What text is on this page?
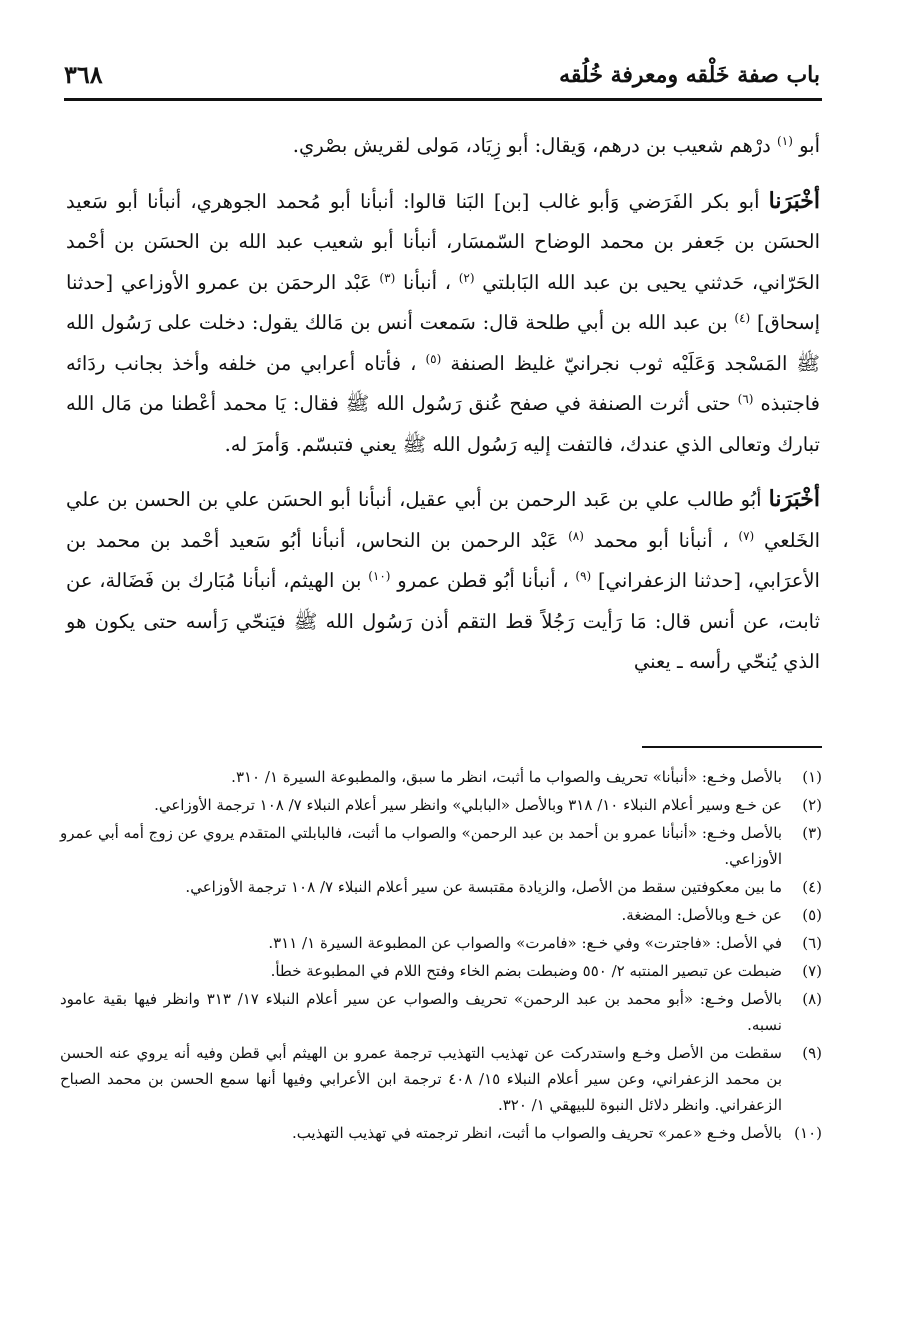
باب صفة خَلْقه ومعرفة خُلُقه
٣٦٨

أبو $^{(١)}$ درْهم شعيب بن درهم، وَيقال: أبو زِيَاد، مَولى لقريش بصْري.

أخْبَرَنا أبو بكر الفَرَضي وَأبو غالب [بن] البَنا قالوا: أنبأنا أبو مُحمد الجوهري، أنبأنا أبو سَعيد الحسَن بن جَعفر بن محمد الوضاح السّمسَار، أنبأنا أبو شعيب عبد الله بن الحسَن بن أحْمد الحَرّاني، حَدثني يحيى بن عبد الله البَابلتي $^{(٢)}$ ، أنبأنا $^{(٣)}$ عَبْد الرحمَن بن عمرو الأوزاعي [حدثنا إسحاق] $^{(٤)}$ بن عبد الله بن أبي طلحة قال: سَمعت أنس بن مَالك يقول: دخلت على رَسُول الله ﷺ المَسْجد وَعَلَيْه ثوب نجرانيّ غليظ الصنفة $^{(٥)}$ ، فأتاه أعرابي من خلفه وأخذ بجانب ردَائه فاجتبذه $^{(٦)}$ حتى أثرت الصنفة في صفح عُنق رَسُول الله ﷺ فقال: يَا محمد أعْطنا من مَال الله تبارك وتعالى الذي عندك، فالتفت إليه رَسُول الله ﷺ يعني فتبسّم. وَأمرَ له.

أخْبَرَنا أبُو طالب علي بن عَبد الرحمن بن أبي عقيل، أنبأنا أبو الحسَن علي بن الحسن بن علي الخَلعي $^{(٧)}$ ، أنبأنا أبو محمد $^{(٨)}$ عَبْد الرحمن بن النحاس، أنبأنا أبُو سَعيد أحْمد بن محمد بن الأعرَابي، [حدثنا الزعفراني] $^{(٩)}$ ، أنبأنا أبُو قطن عمرو $^{(١٠)}$ بن الهيثم، أنبأنا مُبَارك بن فَضَالة، عن ثابت، عن أنس قال: مَا رَأيت رَجُلاً قط التقم أذن رَسُول الله ﷺ فيَنحّي رَأسه حتى يكون هو الذي يُنحّي رأسه ـ يعني

(١)
بالأصل وخـع: «أنبأنا» تحريف والصواب ما أثبت، انظر ما سبق، والمطبوعة السيرة ١/ ٣١٠.
(٢)
عن خـع وسير أعلام النبلاء ١٠/ ٣١٨ وبالأصل «البابلي» وانظر سير أعلام النبلاء ٧/ ١٠٨ ترجمة الأوزاعي.
(٣)
بالأصل وخـع: «أنبأنا عمرو بن أحمد بن عبد الرحمن» والصواب ما أثبت، فالبابلتي المتقدم يروي عن زوج أمه أبي عمرو الأوزاعي.
(٤)
ما بين معكوفتين سقط من الأصل، والزيادة مقتبسة عن سير أعلام النبلاء ٧/ ١٠٨ ترجمة الأوزاعي.
(٥)
عن خـع وبالأصل: المضغة.
(٦)
في الأصل: «فاجترت» وفي خـع: «فامرت» والصواب عن المطبوعة السيرة ١/ ٣١١.
(٧)
ضبطت عن تبصير المنتبه ٢/ ٥٥٠ وضبطت بضم الخاء وفتح اللام في المطبوعة خطأ.
(٨)
بالأصل وخـع: «أبو محمد بن عبد الرحمن» تحريف والصواب عن سير أعلام النبلاء ١٧/ ٣١٣ وانظر فيها بقية عامود نسبه.
(٩)
سقطت من الأصل وخـع واستدركت عن تهذيب التهذيب ترجمة عمرو بن الهيثم أبي قطن وفيه أنه يروي عنه الحسن بن محمد الزعفراني، وعن سير أعلام النبلاء ١٥/ ٤٠٨ ترجمة ابن الأعرابي وفيها أنها سمع الحسن بن محمد الصباح الزعفراني. وانظر دلائل النبوة للبيهقي ١/ ٣٢٠.
(١٠)
بالأصل وخـع «عمر» تحريف والصواب ما أثبت، انظر ترجمته في تهذيب التهذيب.
